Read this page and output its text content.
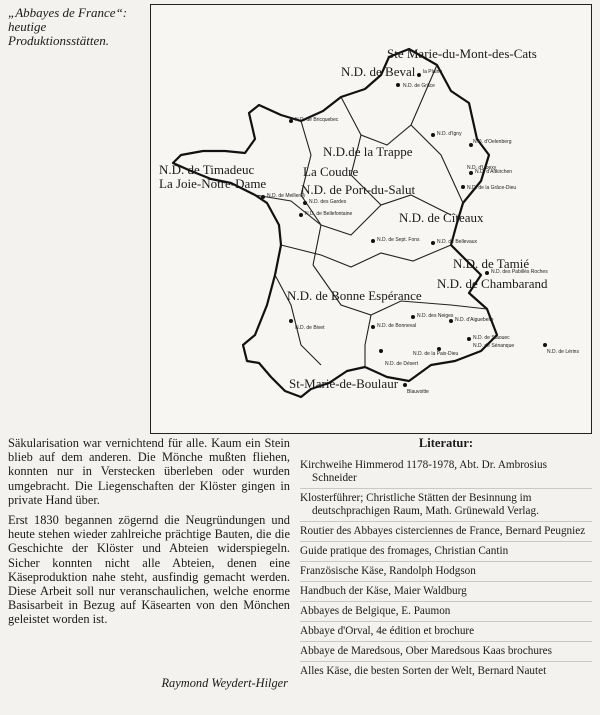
„Abbayes de France“:
heutige
Produktionsstätten.
Ste Marie-du-Mont-des-Cats
N.D. de Beval
N.D.de la Trappe
N.D. de Timadeuc
La Joie-Notre-Dame
La Coudre
N.D. de Port-du-Salut
N.D. de Cîteaux
N.D. de Tamié
N.D. de Chambarand
N.D. de Bonne Espérance
St-Marie-de-Boulaur
la Plaine
N.D. de Grâce
N.D. de Bricquebec
N.D. d'Igny
N.D. d'Oelenberg
N.D. d'Ubexy
N.D. d'Altkirchen
N.D. de la Grâce-Dieu
N.D. de Meilleray
N.D. des Gardes
N.D. de Bellefontaine
N.D. de Sept. Fons	N.D. de Bellevaux
N.D. des Pabillès Roches
N.D. de Bonneval
N.D. des Neiges
N.D. d'Aiguebelle
N.D. de Sénanque
N.D. de Staouec
N.D. de la Paix-Dieu
N.D. de Désert
N.D. de Lérins
N.D. de Bivet
Blauvoitte

Säkularisation war vernichtend für alle. Kaum ein Stein blieb auf dem anderen. Die Mönche mußten fliehen, konnten nur in Verstecken überleben oder wurden umgebracht. Die Liegenschaften der Klöster gingen in private Hand über.

Erst 1830 begannen zögernd die Neugründungen und heute stehen wieder zahlreiche prächtige Bauten, die die Geschichte der Klöster und Abteien widerspiegeln. Sicher konnten nicht alle Abteien, denen eine Käseproduktion nahe steht, ausfindig gemacht werden. Diese Arbeit soll nur veranschaulichen, welche enorme Basisarbeit in Bezug auf Käsearten von den Mönchen geleistet worden ist.

Raymond Weydert-Hilger
Literatur:
Kirchweihe Himmerod 1178-1978, Abt. Dr. Ambrosius Schneider
Klosterführer; Christliche Stätten der Besinnung im deutschprachigen Raum, Math. Grünewald Verlag.
Routier des Abbayes cisterciennes de France, Bernard Peugniez
Guide pratique des fromages, Christian Cantin
Französische Käse, Randolph Hodgson
Handbuch der Käse, Maier Waldburg
Abbayes de Belgique, E. Paumon
Abbaye d'Orval, 4e édition et brochure
Abbaye de Maredsous, Ober Maredsous Kaas brochures
Alles Käse, die besten Sorten der Welt, Bernard Nautet
